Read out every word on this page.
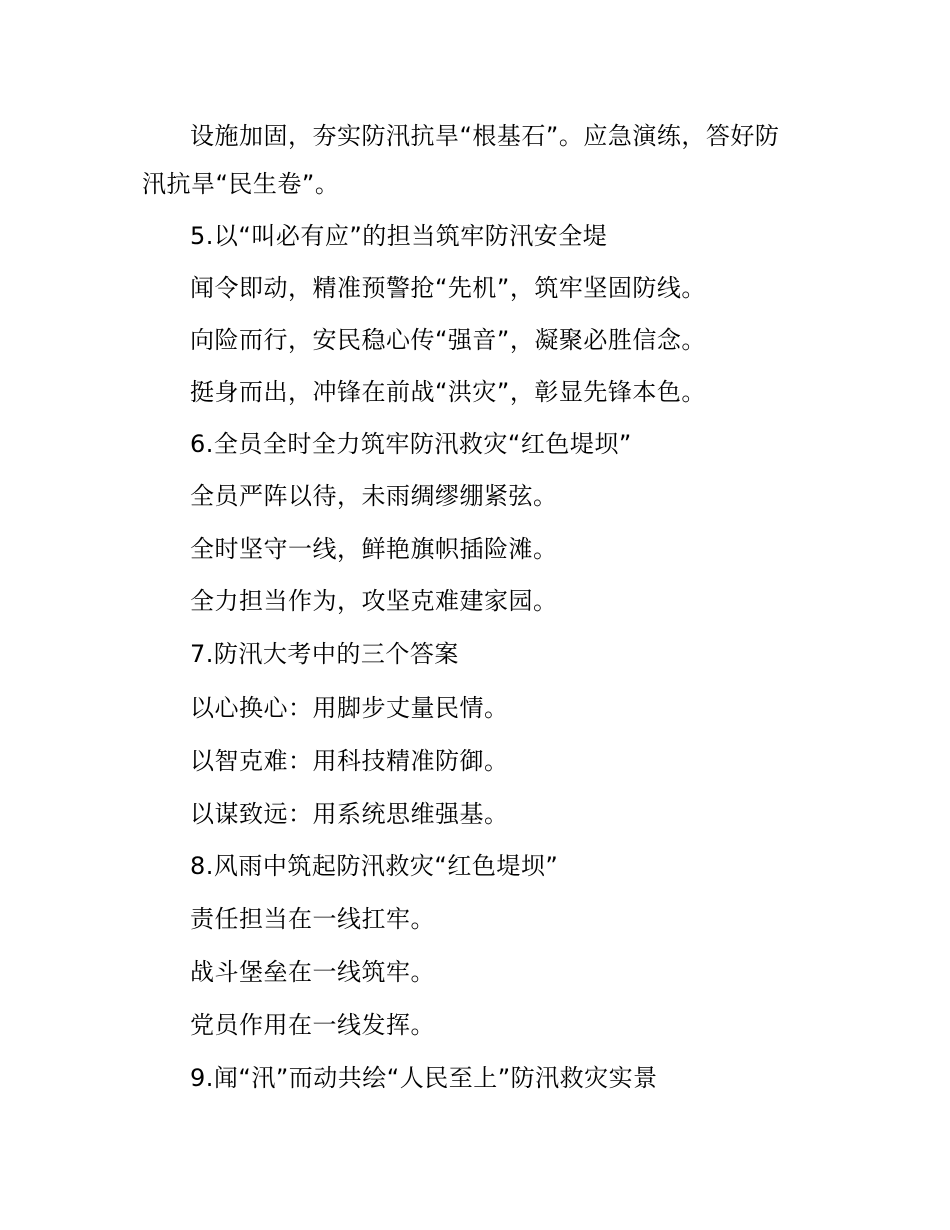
设施加固，夯实防汛抗旱“根基石”。应急演练，答好防
汛抗旱“民生卷”。
5.以“叫必有应”的担当筑牢防汛安全堤
闻令即动，精准预警抢“先机”，筑牢坚固防线。
向险而行，安民稳心传“强音”，凝聚必胜信念。
挺身而出，冲锋在前战“洪灾”，彰显先锋本色。
6.全员全时全力筑牢防汛救灾“红色堤坝”
全员严阵以待，未雨绸缪绷紧弦。
全时坚守一线，鲜艳旗帜插险滩。
全力担当作为，攻坚克难建家园。
7.防汛大考中的三个答案
以心换心：用脚步丈量民情。
以智克难：用科技精准防御。
以谋致远：用系统思维强基。
8.风雨中筑起防汛救灾“红色堤坝”
责任担当在一线扛牢。
战斗堡垒在一线筑牢。
党员作用在一线发挥。
9.闻“汛”而动共绘“人民至上”防汛救灾实景
